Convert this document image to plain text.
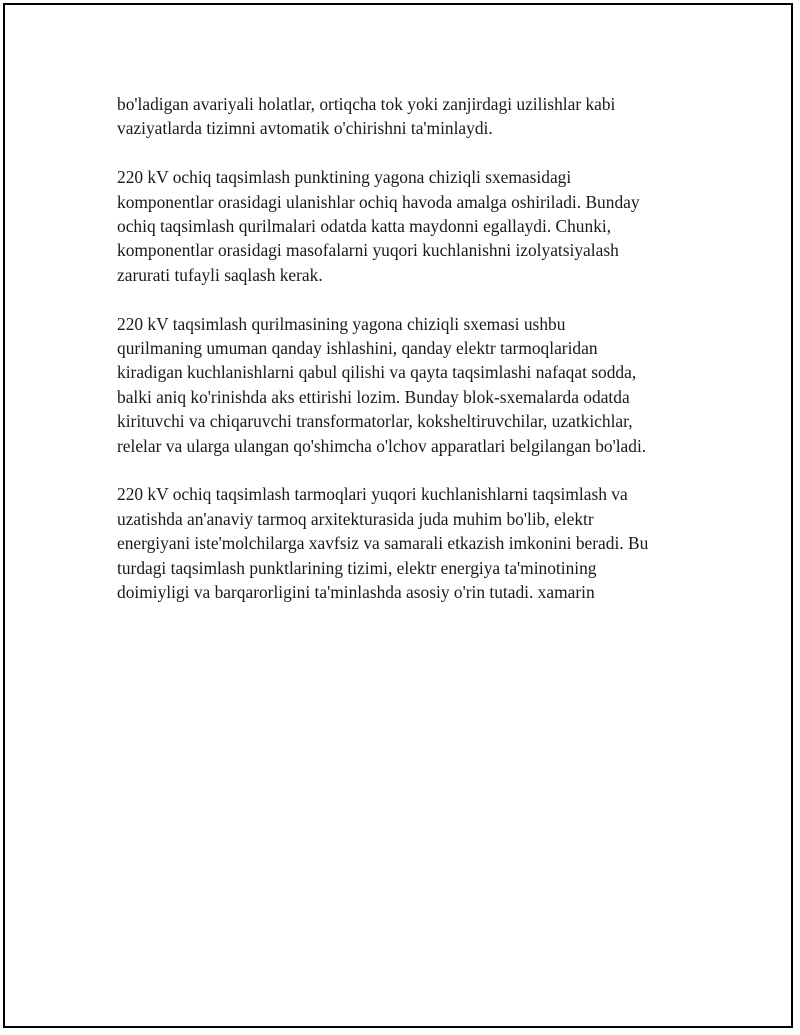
bo'ladigan avariyali holatlar, ortiqcha tok yoki zanjirdagi uzilishlar kabi
vaziyatlarda tizimni avtomatik o'chirishni ta'minlaydi.

220 kV ochiq taqsimlash punktining yagona chiziqli sxemasidagi
komponentlar orasidagi ulanishlar ochiq havoda amalga oshiriladi. Bunday
ochiq taqsimlash qurilmalari odatda katta maydonni egallaydi. Chunki,
komponentlar orasidagi masofalarni yuqori kuchlanishni izolyatsiyalash
zarurati tufayli saqlash kerak.

220 kV taqsimlash qurilmasining yagona chiziqli sxemasi ushbu
qurilmaning umuman qanday ishlashini, qanday elektr tarmoqlaridan
kiradigan kuchlanishlarni qabul qilishi va qayta taqsimlashi nafaqat sodda,
balki aniq ko'rinishda aks ettirishi lozim. Bunday blok-sxemalarda odatda
kirituvchi va chiqaruvchi transformatorlar, koksheltiruvchilar, uzatkichlar,
relelar va ularga ulangan qo'shimcha o'lchov apparatlari belgilangan bo'ladi.

220 kV ochiq taqsimlash tarmoqlari yuqori kuchlanishlarni taqsimlash va
uzatishda an'anaviy tarmoq arxitekturasida juda muhim bo'lib, elektr
energiyani iste'molchilarga xavfsiz va samarali etkazish imkonini beradi. Bu
turdagi taqsimlash punktlarining tizimi, elektr energiya ta'minotining
doimiyligi va barqarorligini ta'minlashda asosiy o'rin tutadi. xamarin
